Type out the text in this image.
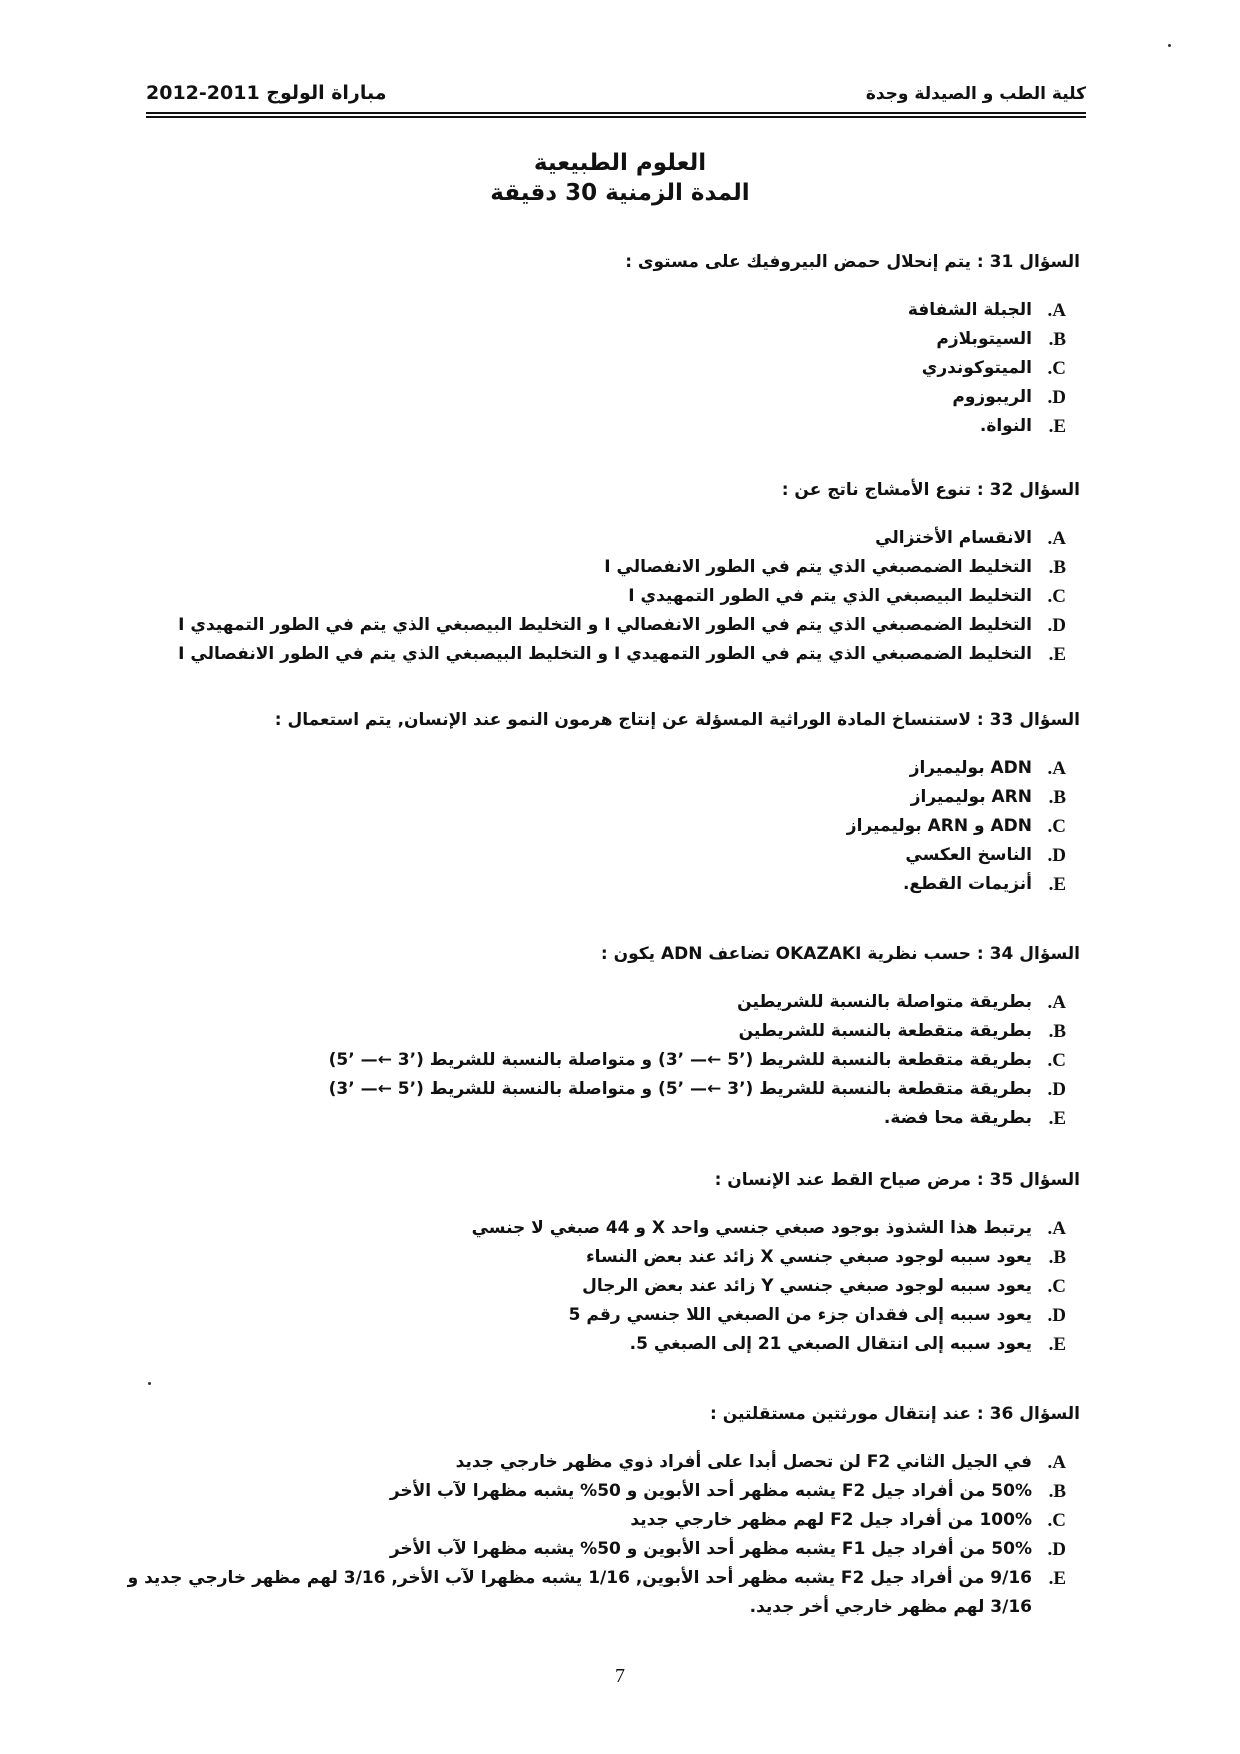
كلية الطب و الصيدلة وجدة
مباراة الولوج 2011-2012
العلوم الطبيعية
المدة الزمنية 30 دقيقة
السؤال 31 : يتم إنحلال حمض البيروفيك على مستوى :
A.
الجبلة الشفافة
B.
السيتوبلازم
C.
الميتوكوندري
D.
الريبوزوم
E.
النواة.
السؤال 32 : تنوع الأمشاج ناتج عن :
A.
الانقسام الأختزالي
B.
التخليط الضمصبغي الذي يتم في الطور الانفصالي I
C.
التخليط البيصبغي الذي يتم في الطور التمهيدي I
D.
التخليط الضمصبغي الذي يتم في الطور الانفصالي I و التخليط البيصبغي الذي يتم في الطور التمهيدي I
E.
التخليط الضمصبغي الذي يتم في الطور التمهيدي I و التخليط البيصبغي الذي يتم في الطور الانفصالي I
السؤال 33 : لاستنساخ المادة الوراثية المسؤلة عن إنتاج هرمون النمو عند الإنسان, يتم استعمال :
A.
ADN بوليميراز
B.
ARN بوليميراز
C.
ADN و ARN بوليميراز
D.
الناسخ العكسي
E.
أنزيمات القطع.
السؤال 34 : حسب نظرية OKAZAKI تضاعف ADN يكون :
A.
بطريقة متواصلة بالنسبة للشريطين
B.
بطريقة متقطعة بالنسبة للشريطين
C.
بطريقة متقطعة بالنسبة للشريط (’5 ←— ’3) و متواصلة بالنسبة للشريط (’3 ←— ’5)
D.
بطريقة متقطعة بالنسبة للشريط (’3 ←— ’5) و متواصلة بالنسبة للشريط (’5 ←— ’3)
E.
بطريقة محا فضة.
السؤال 35 : مرض صياح القط عند الإنسان :
A.
يرتبط هذا الشذوذ بوجود صبغي جنسي واحد X و 44 صبغي لا جنسي
B.
يعود سببه لوجود صبغي جنسي X زائد عند بعض النساء
C.
يعود سببه لوجود صبغي جنسي Y زائد عند بعض الرجال
D.
يعود سببه إلى فقدان جزء من الصبغي اللا جنسي رقم 5
E.
يعود سببه إلى انتقال الصبغي 21 إلى الصبغي 5.
السؤال 36 : عند إنتقال مورثتين مستقلتين :
A.
في الجيل الثاني F2 لن تحصل أبدا على أفراد ذوي مظهر خارجي جديد
B.
50% من أفراد جيل F2 يشبه مظهر أحد الأبوين و 50% يشبه مظهرا لآب الأخر
C.
100% من أفراد جيل F2 لهم مظهر خارجي جديد
D.
50% من أفراد جيل F1 يشبه مظهر أحد الأبوين و 50% يشبه مظهرا لآب الأخر
E.
9/16 من أفراد جيل F2 يشبه مظهر أحد الأبوين, 1/16 يشبه مظهرا لآب الأخر, 3/16 لهم مظهر خارجي جديد و 3/16 لهم مظهر خارجي أخر جديد.
7
